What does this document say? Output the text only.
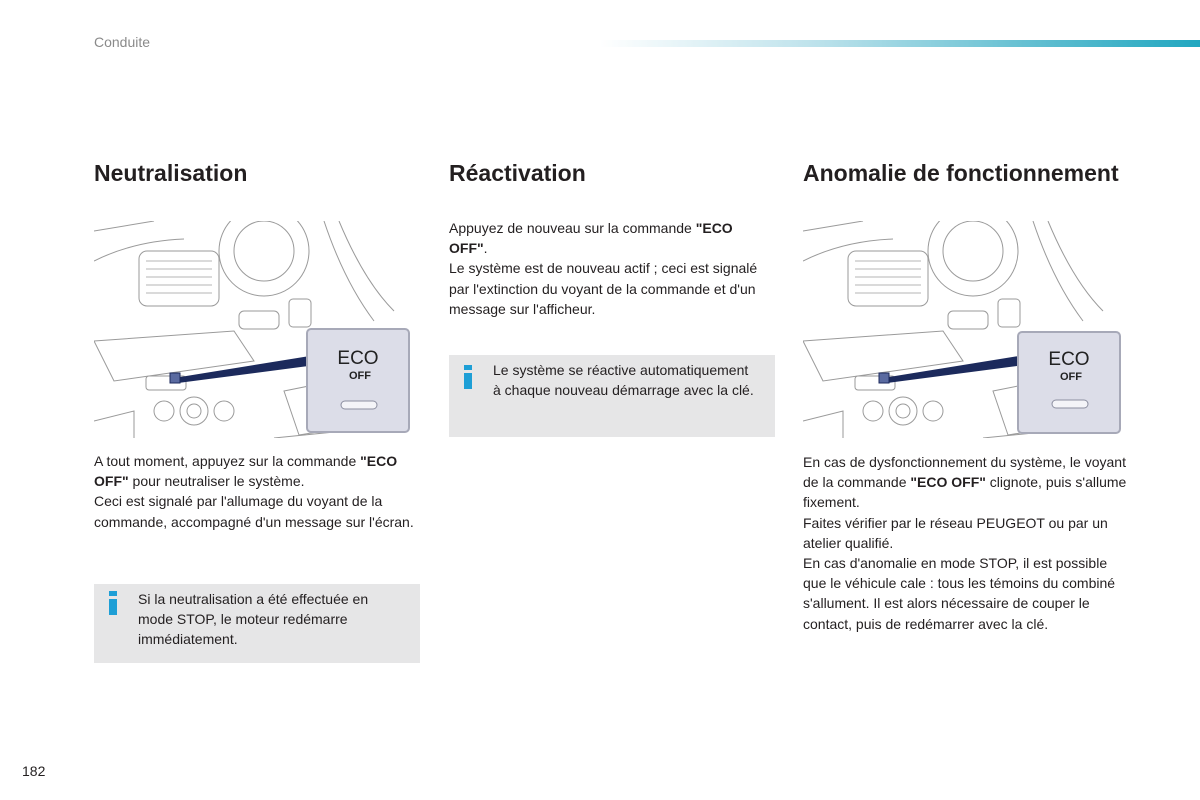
Conduite
Neutralisation
ECO
OFF

A tout moment, appuyez sur la commande "ECO OFF" pour neutraliser le système.

Ceci est signalé par l'allumage du voyant de la commande, accompagné d'un message sur l'écran.

Si la neutralisation a été effectuée en mode STOP, le moteur redémarre immédiatement.
Réactivation

Appuyez de nouveau sur la commande "ECO OFF".

Le système est de nouveau actif ; ceci est signalé par l'extinction du voyant de la commande et d'un message sur l'afficheur.

Le système se réactive automatiquement à chaque nouveau démarrage avec la clé.
Anomalie de fonctionnement
ECO
OFF

En cas de dysfonctionnement du système, le voyant de la commande "ECO OFF" clignote, puis s'allume fixement.

Faites vérifier par le réseau PEUGEOT ou par un atelier qualifié.

En cas d'anomalie en mode STOP, il est possible que le véhicule cale : tous les témoins du combiné s'allument. Il est alors nécessaire de couper le contact, puis de redémarrer avec la clé.

182
